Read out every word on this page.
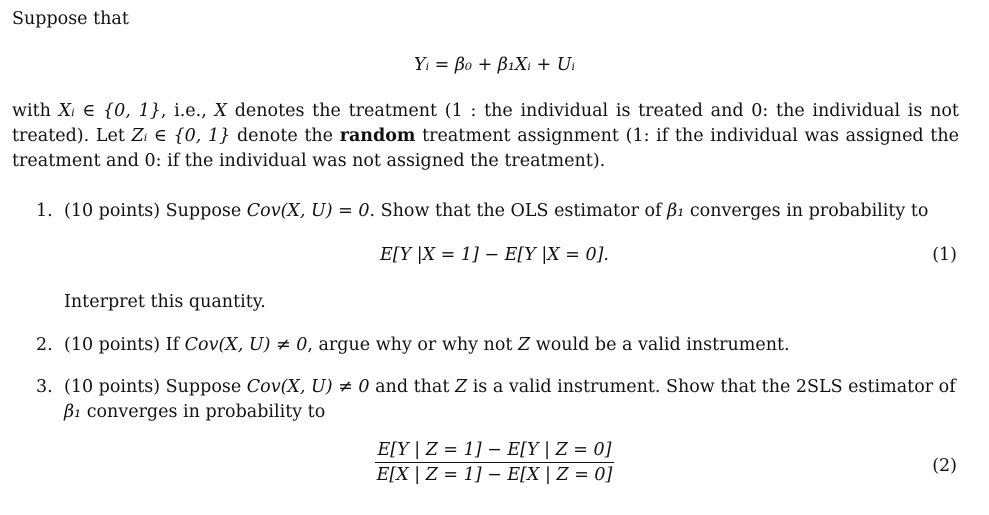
Suppose that
Yᵢ = β₀ + β₁Xᵢ + Uᵢ
with Xᵢ ∈ {0, 1}, i.e., X denotes the treatment (1 : the individual is treated and 0: the individual is not treated). Let Zᵢ ∈ {0, 1} denote the random treatment assignment (1: if the individual was assigned the treatment and 0: if the individual was not assigned the treatment).
1. (10 points) Suppose Cov(X, U) = 0. Show that the OLS estimator of β₁ converges in probability to
E[Y |X = 1] − E[Y |X = 0].	(1)
Interpret this quantity.
2. (10 points) If Cov(X, U) ≠ 0, argue why or why not Z would be a valid instrument.
3. (10 points) Suppose Cov(X, U) ≠ 0 and that Z is a valid instrument. Show that the 2SLS estimator of β₁ converges in probability to
$\frac{E[Y | Z = 1] - E[Y | Z = 0]}{E[X | Z = 1] - E[X | Z = 0]}$	(2)
